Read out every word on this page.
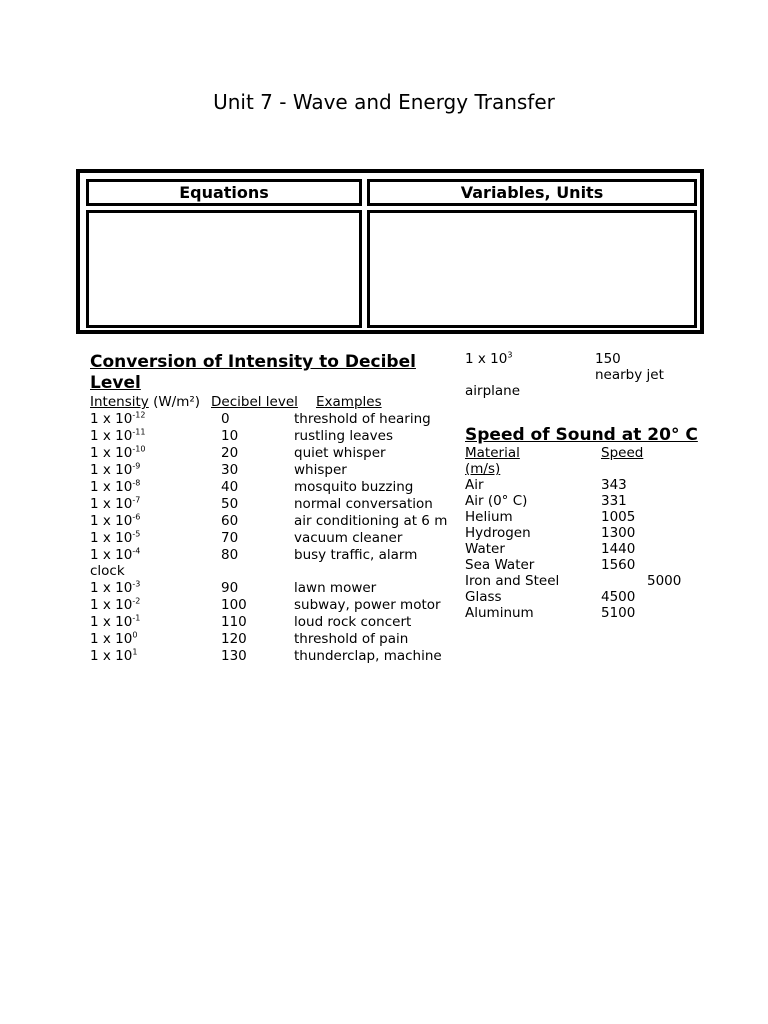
Unit 7 - Wave and Energy Transfer
Equations	Variables, Units
Conversion of Intensity to Decibel
Level
Intensity (W/m²) Decibel level Examples
1 x $10^{-12}$	0	threshold of hearing
1 x $10^{-11}$	10	rustling leaves
1 x $10^{-10}$	20	quiet whisper
1 x $10^{-9}$	30	whisper
1 x $10^{-8}$	40	mosquito buzzing
1 x $10^{-7}$	50	normal conversation
1 x $10^{-6}$	60	air conditioning at 6 m
1 x $10^{-5}$	70	vacuum cleaner
1 x $10^{-4}$	80	busy traffic, alarm
clock
1 x $10^{-3}$	90	lawn mower
1 x $10^{-2}$	100	subway, power motor
1 x $10^{-1}$	110	loud rock concert
1 x $10^0$	120	threshold of pain
1 x $10^1$	130	thunderclap, machine
1 x $10^3$	150
nearby jet
airplane
Speed of Sound at 20° C
Material	Speed
(m/s)
Air	343
Air (0° C)	331
Helium	1005
Hydrogen	1300
Water	1440
Sea Water	1560
Iron and Steel	5000
Glass	4500
Aluminum	5100
